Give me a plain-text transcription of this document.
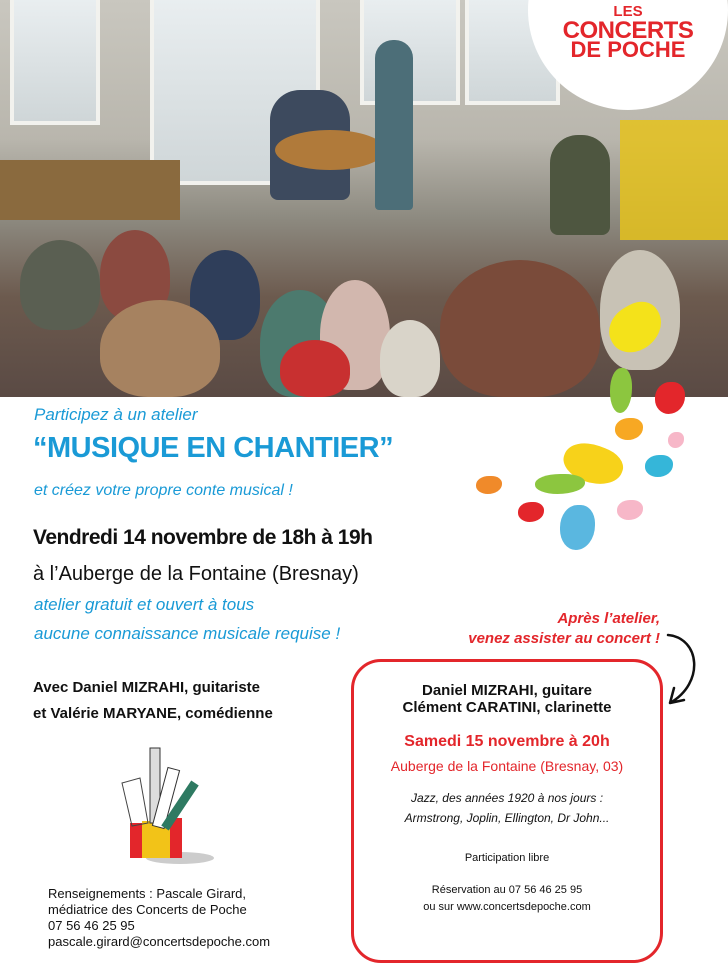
LES
CONCERTS
DE POCHE
Participez à un atelier
“MUSIQUE EN CHANTIER”
et créez votre propre conte musical !
Vendredi 14 novembre de 18h à 19h
à l’Auberge de la Fontaine (Bresnay)
atelier gratuit et ouvert à tous
aucune connaissance musicale requise !
Avec Daniel MIZRAHI, guitariste
et Valérie MARYANE, comédienne
Renseignements : Pascale Girard,
médiatrice des Concerts de Poche
07 56 46 25 95
pascale.girard@concertsdepoche.com
Après l’atelier,
venez assister au concert !
Daniel MIZRAHI, guitare
Clément CARATINI, clarinette
Samedi 15 novembre à 20h
Auberge de la Fontaine (Bresnay, 03)
Jazz, des années 1920 à nos jours :
Armstrong, Joplin, Ellington, Dr John...
Participation libre
Réservation au 07 56 46 25 95
ou sur www.concertsdepoche.com
